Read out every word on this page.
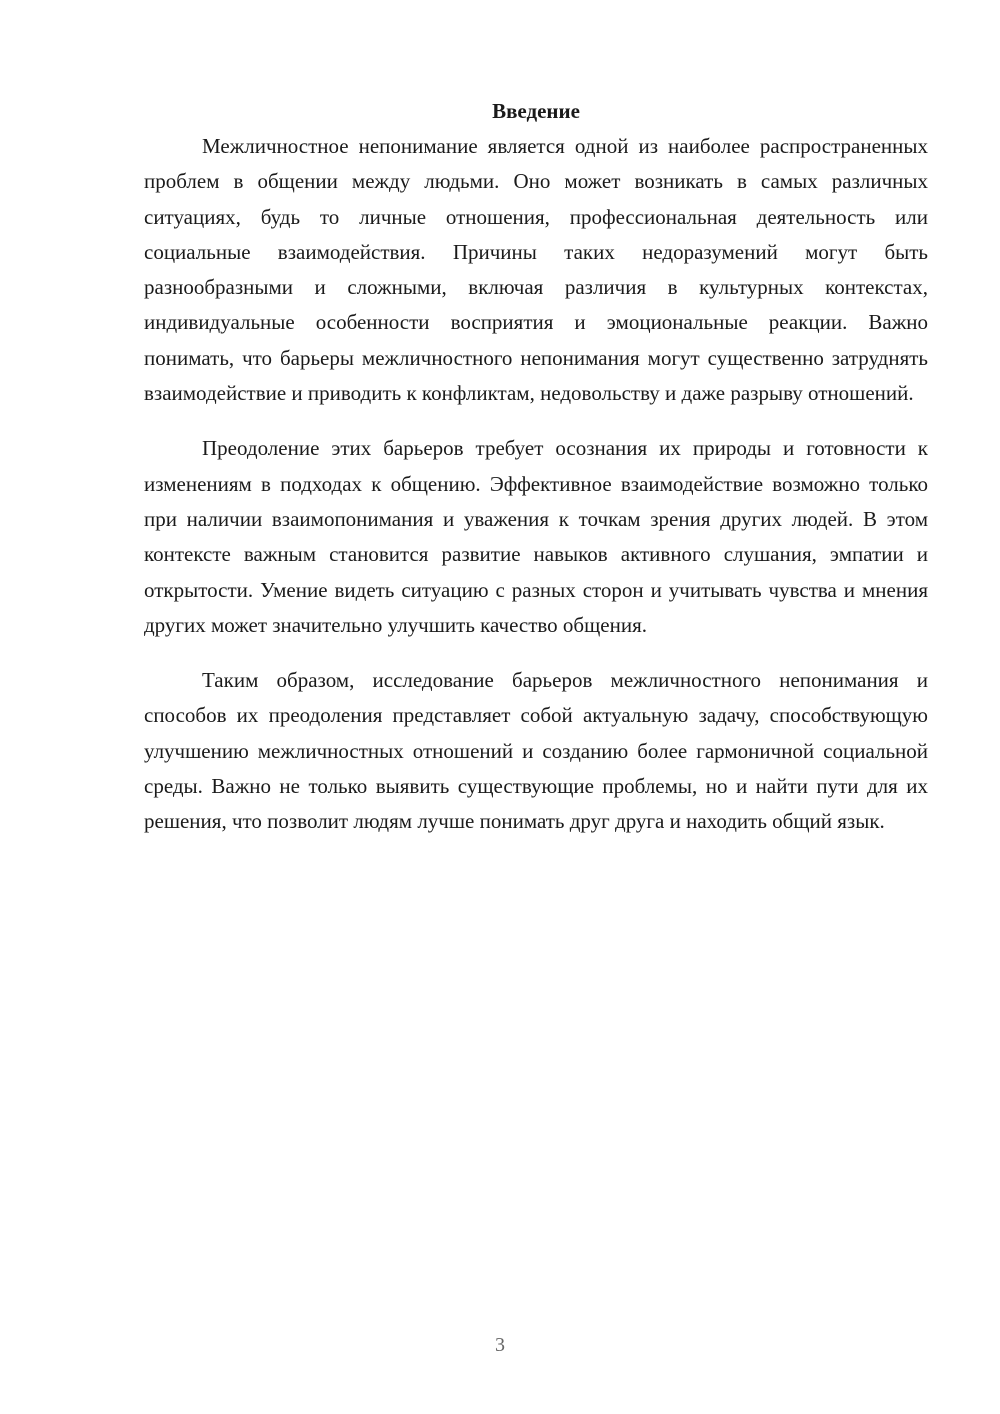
Введение

Межличностное непонимание является одной из наиболее распространенных проблем в общении между людьми. Оно может возникать в самых различных ситуациях, будь то личные отношения, профессиональная деятельность или социальные взаимодействия. Причины таких недоразумений могут быть разнообразными и сложными, включая различия в культурных контекстах, индивидуальные особенности восприятия и эмоциональные реакции. Важно понимать, что барьеры межличностного непонимания могут существенно затруднять взаимодействие и приводить к конфликтам, недовольству и даже разрыву отношений.

Преодоление этих барьеров требует осознания их природы и готовности к изменениям в подходах к общению. Эффективное взаимодействие возможно только при наличии взаимопонимания и уважения к точкам зрения других людей. В этом контексте важным становится развитие навыков активного слушания, эмпатии и открытости. Умение видеть ситуацию с разных сторон и учитывать чувства и мнения других может значительно улучшить качество общения.

Таким образом, исследование барьеров межличностного непонимания и способов их преодоления представляет собой актуальную задачу, способствующую улучшению межличностных отношений и созданию более гармоничной социальной среды. Важно не только выявить существующие проблемы, но и найти пути для их решения, что позволит людям лучше понимать друг друга и находить общий язык.

3
